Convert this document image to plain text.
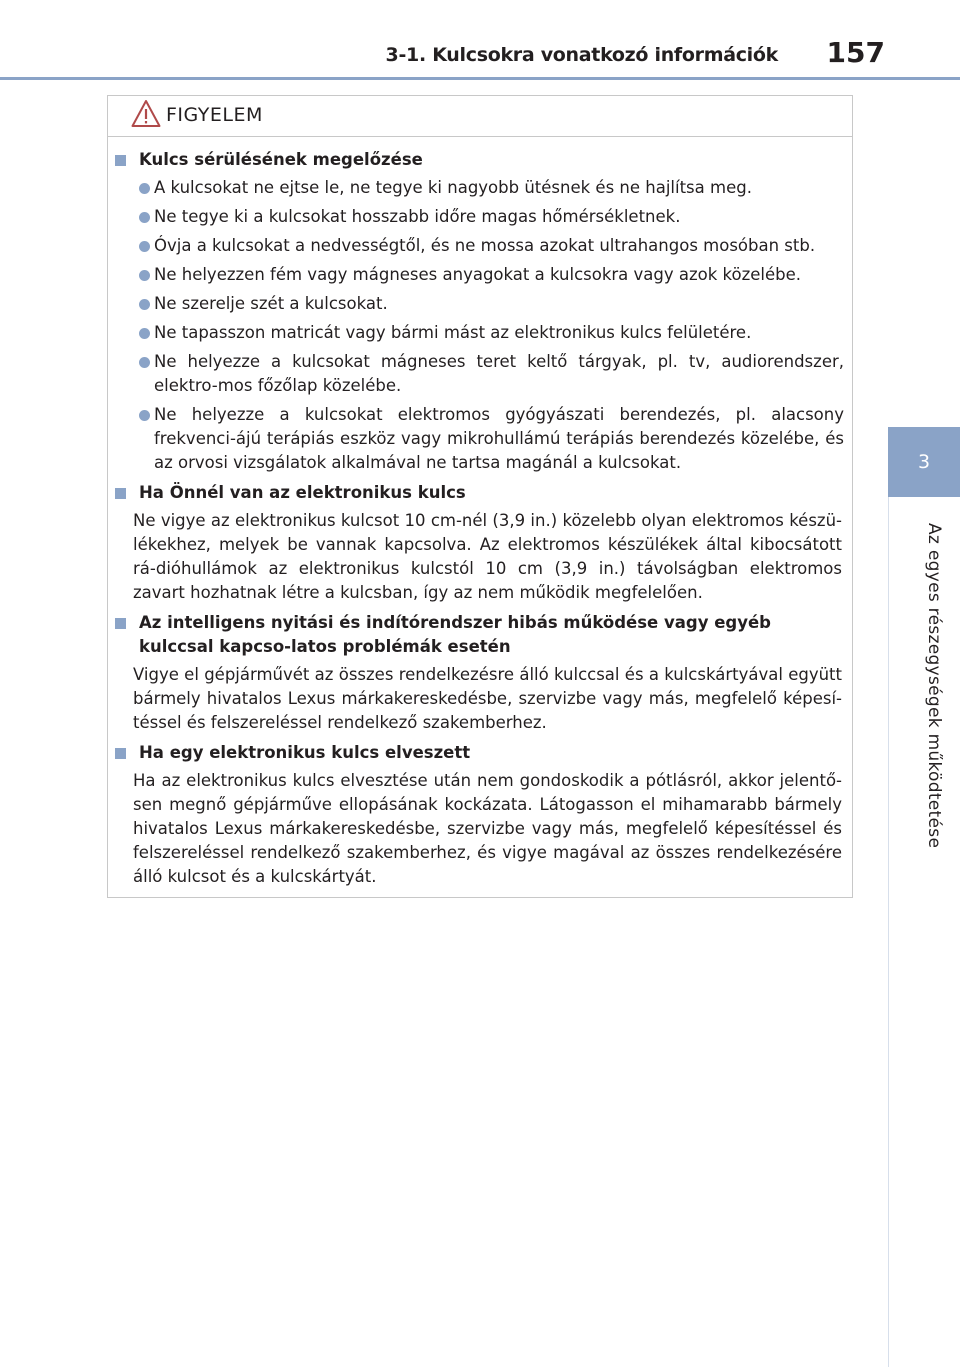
3-1. Kulcsokra vonatkozó információk 157
3
Az egyes részegységek működtetése
FIGYELEM
Kulcs sérülésének megelőzése
A kulcsokat ne ejtse le, ne tegye ki nagyobb ütésnek és ne hajlítsa meg.
Ne tegye ki a kulcsokat hosszabb időre magas hőmérsékletnek.
Óvja a kulcsokat a nedvességtől, és ne mossa azokat ultrahangos mosóban stb.
Ne helyezzen fém vagy mágneses anyagokat a kulcsokra vagy azok közelébe.
Ne szerelje szét a kulcsokat.
Ne tapasszon matricát vagy bármi mást az elektronikus kulcs felületére.
Ne helyezze a kulcsokat mágneses teret keltő tárgyak, pl. tv, audiorendszer, elektro-mos főzőlap közelébe.
Ne helyezze a kulcsokat elektromos gyógyászati berendezés, pl. alacsony frekvenci-ájú terápiás eszköz vagy mikrohullámú terápiás berendezés közelébe, és az orvosi vizsgálatok alkalmával ne tartsa magánál a kulcsokat.
Ha Önnél van az elektronikus kulcs
Ne vigye az elektronikus kulcsot 10 cm-nél (3,9 in.) közelebb olyan elektromos készü-lékekhez, melyek be vannak kapcsolva. Az elektromos készülékek által kibocsátott rá-dióhullámok az elektronikus kulcstól 10 cm (3,9 in.) távolságban elektromos zavart hozhatnak létre a kulcsban, így az nem működik megfelelően.
Az intelligens nyitási és indítórendszer hibás működése vagy egyéb kulccsal kapcso-latos problémák esetén
Vigye el gépjárművét az összes rendelkezésre álló kulccsal és a kulcskártyával együtt bármely hivatalos Lexus márkakereskedésbe, szervizbe vagy más, megfelelő képesí-téssel és felszereléssel rendelkező szakemberhez.
Ha egy elektronikus kulcs elveszett
Ha az elektronikus kulcs elvesztése után nem gondoskodik a pótlásról, akkor jelentő-sen megnő gépjárműve ellopásának kockázata. Látogasson el mihamarabb bármely hivatalos Lexus márkakereskedésbe, szervizbe vagy más, megfelelő képesítéssel és felszereléssel rendelkező szakemberhez, és vigye magával az összes rendelkezésére álló kulcsot és a kulcskártyát.
